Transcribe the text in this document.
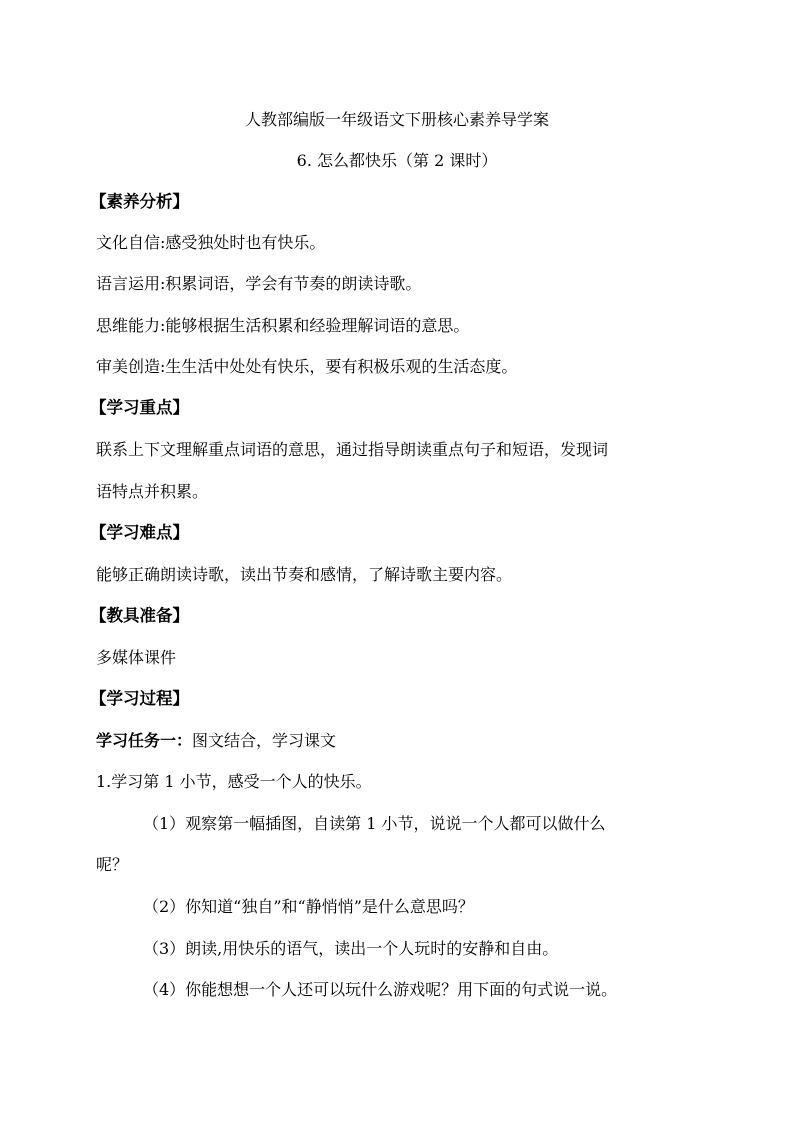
人教部编版一年级语文下册核心素养导学案
6. 怎么都快乐（第 2 课时）
【素养分析】
文化自信:感受独处时也有快乐。
语言运用:积累词语，学会有节奏的朗读诗歌。
思维能力:能够根据生活积累和经验理解词语的意思。
审美创造:生生活中处处有快乐，要有积极乐观的生活态度。
【学习重点】
联系上下文理解重点词语的意思，通过指导朗读重点句子和短语，发现词
语特点并积累。
【学习难点】
能够正确朗读诗歌，读出节奏和感情，了解诗歌主要内容。
【教具准备】
多媒体课件
【学习过程】
学习任务一：图文结合，学习课文
1.学习第 1 小节，感受一个人的快乐。
（1）观察第一幅插图，自读第 1 小节，说说一个人都可以做什么
呢？
（2）你知道“独自”和“静悄悄”是什么意思吗？
（3）朗读,用快乐的语气，读出一个人玩时的安静和自由。
（4）你能想想一个人还可以玩什么游戏呢？用下面的句式说一说。
